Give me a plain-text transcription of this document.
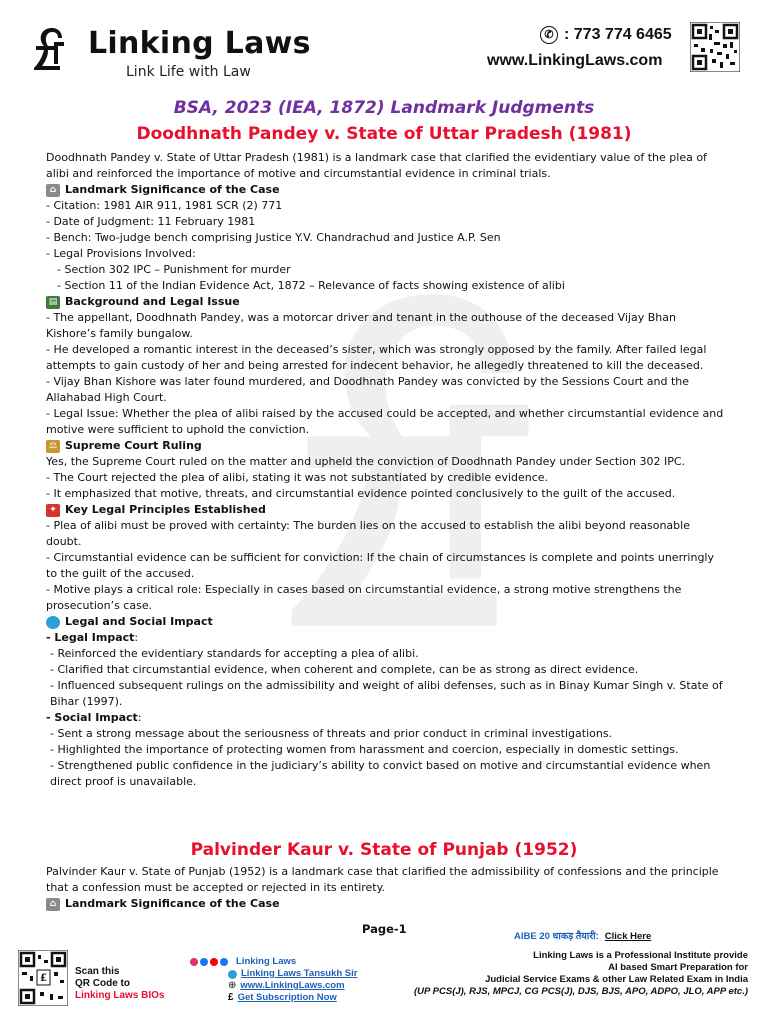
Linking Laws
Link Life with Law
✆ : 773 774 6465
www.LinkingLaws.com
BSA, 2023 (IEA, 1872) Landmark Judgments
Doodhnath Pandey v. State of Uttar Pradesh (1981)

Doodhnath Pandey v. State of Uttar Pradesh (1981) is a landmark case that clarified the evidentiary value of the plea of alibi and reinforced the importance of motive and circumstantial evidence in criminal trials.

⌂ Landmark Significance of the Case

- Citation: 1981 AIR 911, 1981 SCR (2) 771

- Date of Judgment: 11 February 1981

- Bench: Two-judge bench comprising Justice Y.V. Chandrachud and Justice A.P. Sen

- Legal Provisions Involved:

- Section 302 IPC – Punishment for murder

- Section 11 of the Indian Evidence Act, 1872 – Relevance of facts showing existence of alibi

▤ Background and Legal Issue

- The appellant, Doodhnath Pandey, was a motorcar driver and tenant in the outhouse of the deceased Vijay Bhan Kishore’s family bungalow.

- He developed a romantic interest in the deceased’s sister, which was strongly opposed by the family. After failed legal attempts to gain custody of her and being arrested for indecent behavior, he allegedly threatened to kill the deceased.

- Vijay Bhan Kishore was later found murdered, and Doodhnath Pandey was convicted by the Sessions Court and the Allahabad High Court.

- Legal Issue: Whether the plea of alibi raised by the accused could be accepted, and whether circumstantial evidence and motive were sufficient to uphold the conviction.

⚖ Supreme Court Ruling

Yes, the Supreme Court ruled on the matter and upheld the conviction of Doodhnath Pandey under Section 302 IPC.

- The Court rejected the plea of alibi, stating it was not substantiated by credible evidence.

- It emphasized that motive, threats, and circumstantial evidence pointed conclusively to the guilt of the accused.

✦ Key Legal Principles Established

- Plea of alibi must be proved with certainty: The burden lies on the accused to establish the alibi beyond reasonable doubt.

- Circumstantial evidence can be sufficient for conviction: If the chain of circumstances is complete and points unerringly to the guilt of the accused.

- Motive plays a critical role: Especially in cases based on circumstantial evidence, a strong motive strengthens the prosecution’s case.

Legal and Social Impact

- Legal Impact:

- Reinforced the evidentiary standards for accepting a plea of alibi.

- Clarified that circumstantial evidence, when coherent and complete, can be as strong as direct evidence.

- Influenced subsequent rulings on the admissibility and weight of alibi defenses, such as in Binay Kumar Singh v. State of Bihar (1997).

- Social Impact:

- Sent a strong message about the seriousness of threats and prior conduct in criminal investigations.

- Highlighted the importance of protecting women from harassment and coercion, especially in domestic settings.

- Strengthened public confidence in the judiciary’s ability to convict based on motive and circumstantial evidence when direct proof is unavailable.

Palvinder Kaur v. State of Punjab (1952)

Palvinder Kaur v. State of Punjab (1952) is a landmark case that clarified the admissibility of confessions and the principle that a confession must be accepted or rejected in its entirety.

⌂ Landmark Significance of the Case

Page-1
AIBE 20 धाकड़ तैयारी: Click Here
£
Scan this
QR Code to
Linking Laws BIOs
Linking Laws
Linking Laws Tansukh Sir
⊕ www.LinkingLaws.com
£ Get Subscription Now
Linking Laws is a Professional Institute provide
AI based Smart Preparation for
Judicial Service Exams & other Law Related Exam in India
(UP PCS(J), RJS, MPCJ, CG PCS(J), DJS, BJS, APO, ADPO, JLO, APP etc.)
